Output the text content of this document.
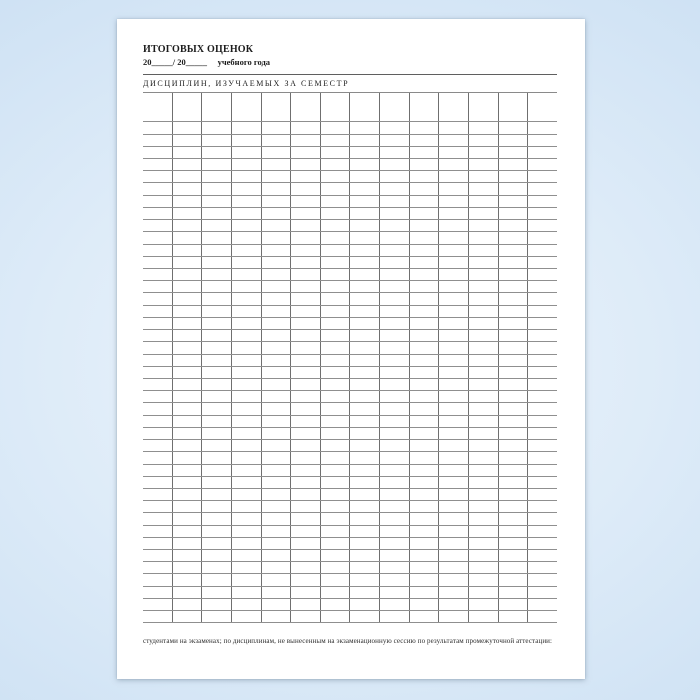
ИТОГОВЫХ ОЦЕНОК
20_____/ 20_____     учебного года
ДИСЦИПЛИН, ИЗУЧАЕМЫХ ЗА СЕМЕСТР
студентами на экзаменах; по дисциплинам, не вынесенным на экзаменационную сессию по результатам промежуточной аттестации:
